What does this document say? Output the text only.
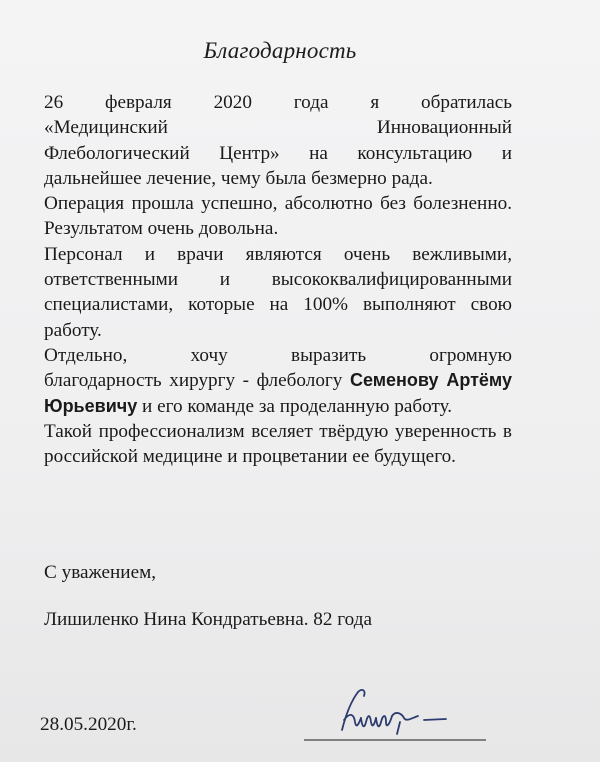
Благодарность

26 февраля 2020 года я обратилась
«Медицинский Инновационный
Флебологический Центр» на консультацию и дальнейшее лечение, чему была безмерно рада.

Операция прошла успешно, абсолютно без болезненно. Результатом очень довольна.

Персонал и врачи являются очень вежливыми, ответственными и высококвалифицированными специалистами, которые на 100% выполняют свою работу.

Отдельно, хочу выразить огромную
благодарность хирургу - флебологу Семенову Артёму Юрьевичу и его команде за проделанную работу.

Такой профессионализм вселяет твёрдую уверенность в российской медицине и процветании ее будущего.

С уважением,
Лишиленко Нина Кондратьевна. 82 года
28.05.2020г.
